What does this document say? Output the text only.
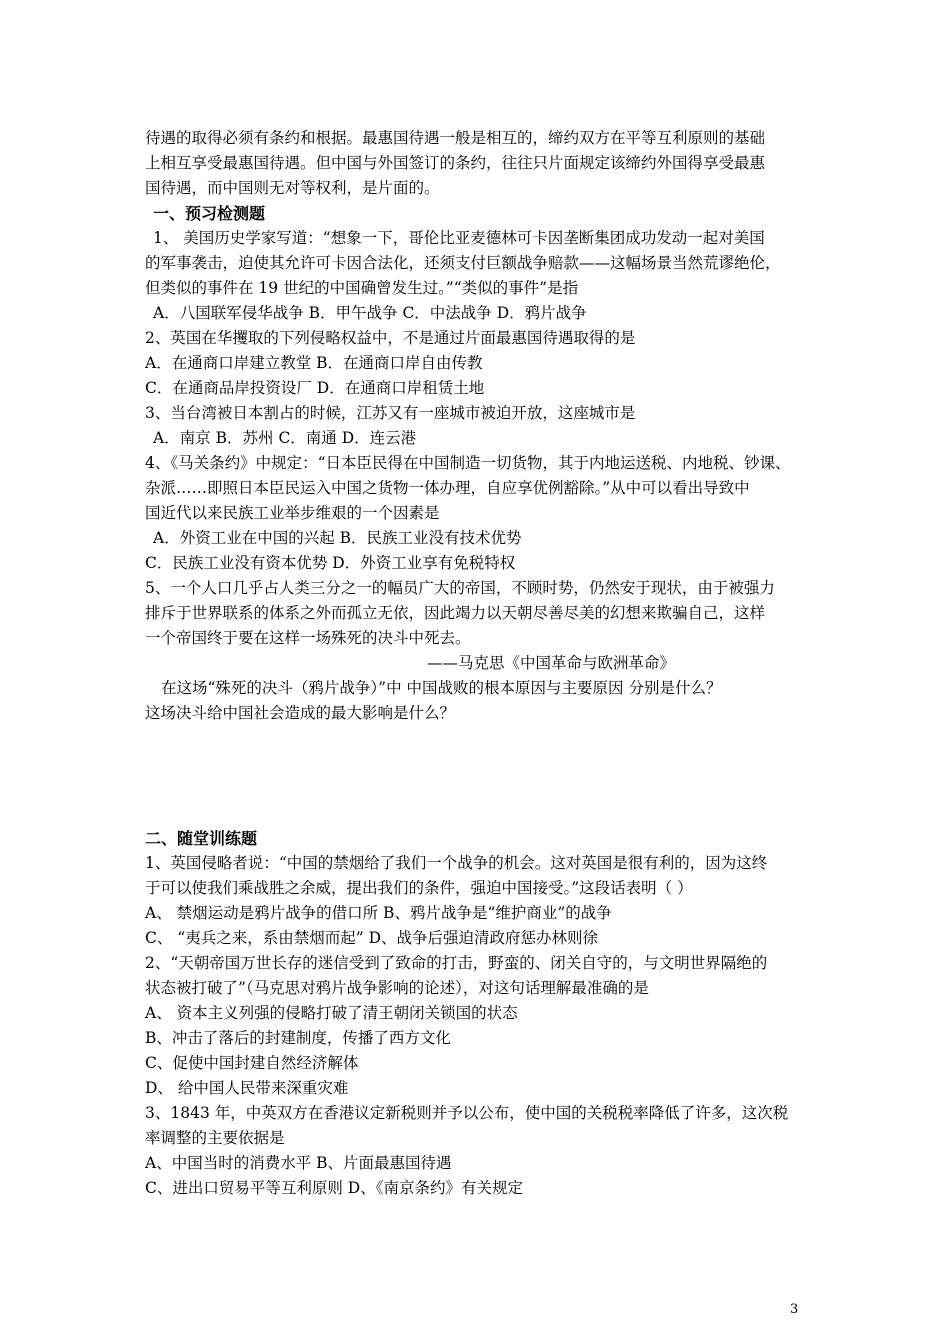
待遇的取得必须有条约和根据。最惠国待遇一般是相互的，缔约双方在平等互利原则的基础
上相互享受最惠国待遇。但中国与外国签订的条约，往往只片面规定该缔约外国得享受最惠
国待遇，而中国则无对等权利，是片面的。
一、预习检测题
1、 美国历史学家写道：“想象一下，哥伦比亚麦德林可卡因垄断集团成功发动一起对美国
的军事袭击，迫使其允许可卡因合法化，还须支付巨额战争赔款——这幅场景当然荒谬绝伦，
但类似的事件在 19 世纪的中国确曾发生过。”“类似的事件”是指
A．八国联军侵华战争 B．甲午战争 C．中法战争 D．鸦片战争
2、英国在华攫取的下列侵略权益中，不是通过片面最惠国待遇取得的是
A．在通商口岸建立教堂 B．在通商口岸自由传教
C．在通商品岸投资设厂 D．在通商口岸租赁土地
3、当台湾被日本割占的时候，江苏又有一座城市被迫开放，这座城市是
A．南京 B．苏州 C．南通 D．连云港
4、《马关条约》中规定：“日本臣民得在中国制造一切货物，其于内地运送税、内地税、钞课、
杂派……即照日本臣民运入中国之货物一体办理，自应享优例豁除。”从中可以看出导致中
国近代以来民族工业举步维艰的一个因素是
A．外资工业在中国的兴起 B．民族工业没有技术优势
C．民族工业没有资本优势 D．外资工业享有免税特权
5、一个人口几乎占人类三分之一的幅员广大的帝国，不顾时势，仍然安于现状，由于被强力
排斥于世界联系的体系之外而孤立无依，因此竭力以天朝尽善尽美的幻想来欺骗自己，这样
一个帝国终于要在这样一场殊死的决斗中死去。
——马克思《中国革命与欧洲革命》
在这场“殊死的决斗（鸦片战争）”中 中国战败的根本原因与主要原因 分别是什么？
这场决斗给中国社会造成的最大影响是什么？
二、随堂训练题
1、英国侵略者说：“中国的禁烟给了我们一个战争的机会。这对英国是很有利的，因为这终
于可以使我们乘战胜之余威，提出我们的条件，强迫中国接受。”这段话表明（ ）
A、 禁烟运动是鸦片战争的借口所 B、鸦片战争是“维护商业”的战争
C、 “夷兵之来，系由禁烟而起” D、战争后强迫清政府惩办林则徐
2、“天朝帝国万世长存的迷信受到了致命的打击，野蛮的、闭关自守的，与文明世界隔绝的
状态被打破了”（马克思对鸦片战争影响的论述），对这句话理解最准确的是
A、 资本主义列强的侵略打破了清王朝闭关锁国的状态
B、冲击了落后的封建制度，传播了西方文化
C、促使中国封建自然经济解体
D、 给中国人民带来深重灾难
3、1843 年，中英双方在香港议定新税则并予以公布，使中国的关税税率降低了许多，这次税
率调整的主要依据是
A、中国当时的消费水平 B、片面最惠国待遇
C、进出口贸易平等互利原则 D、《南京条约》有关规定
3
